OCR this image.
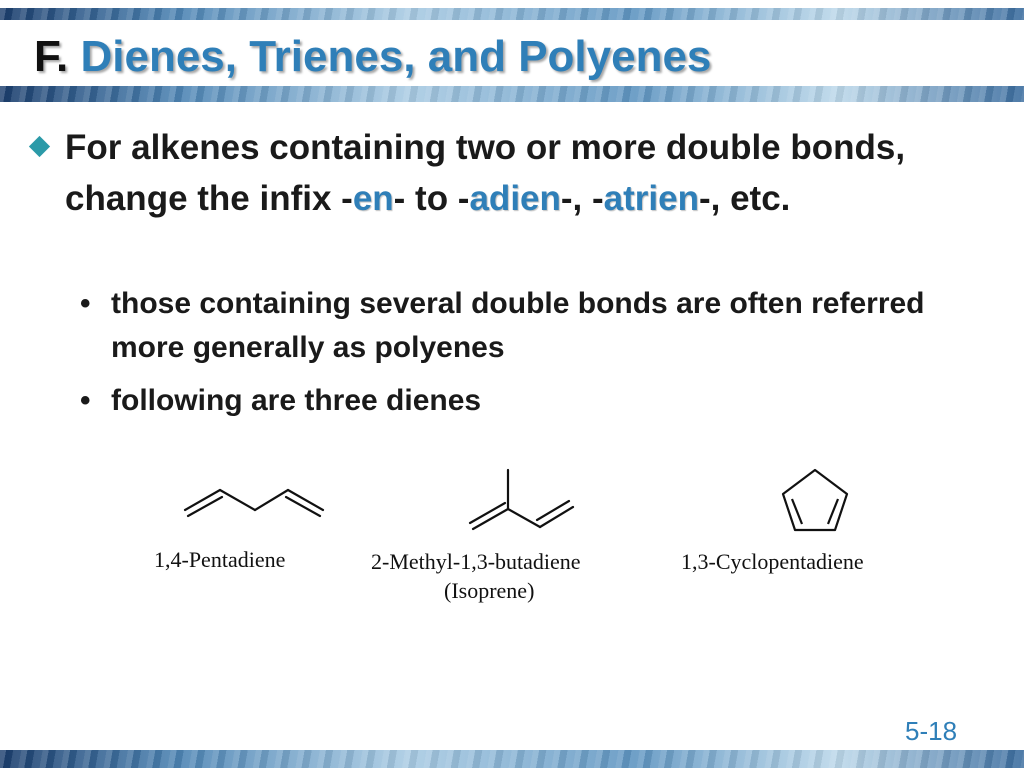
F. Dienes, Trienes, and Polyenes
For alkenes containing two or more double bonds, change the infix -en- to -adien-, -atrien-, etc.
• those containing several double bonds are often referred more generally as polyenes
• following are three dienes
1,4-Pentadiene	2-Methyl-1,3-butadiene
(Isoprene)
1,3-Cyclopentadiene
5-18
